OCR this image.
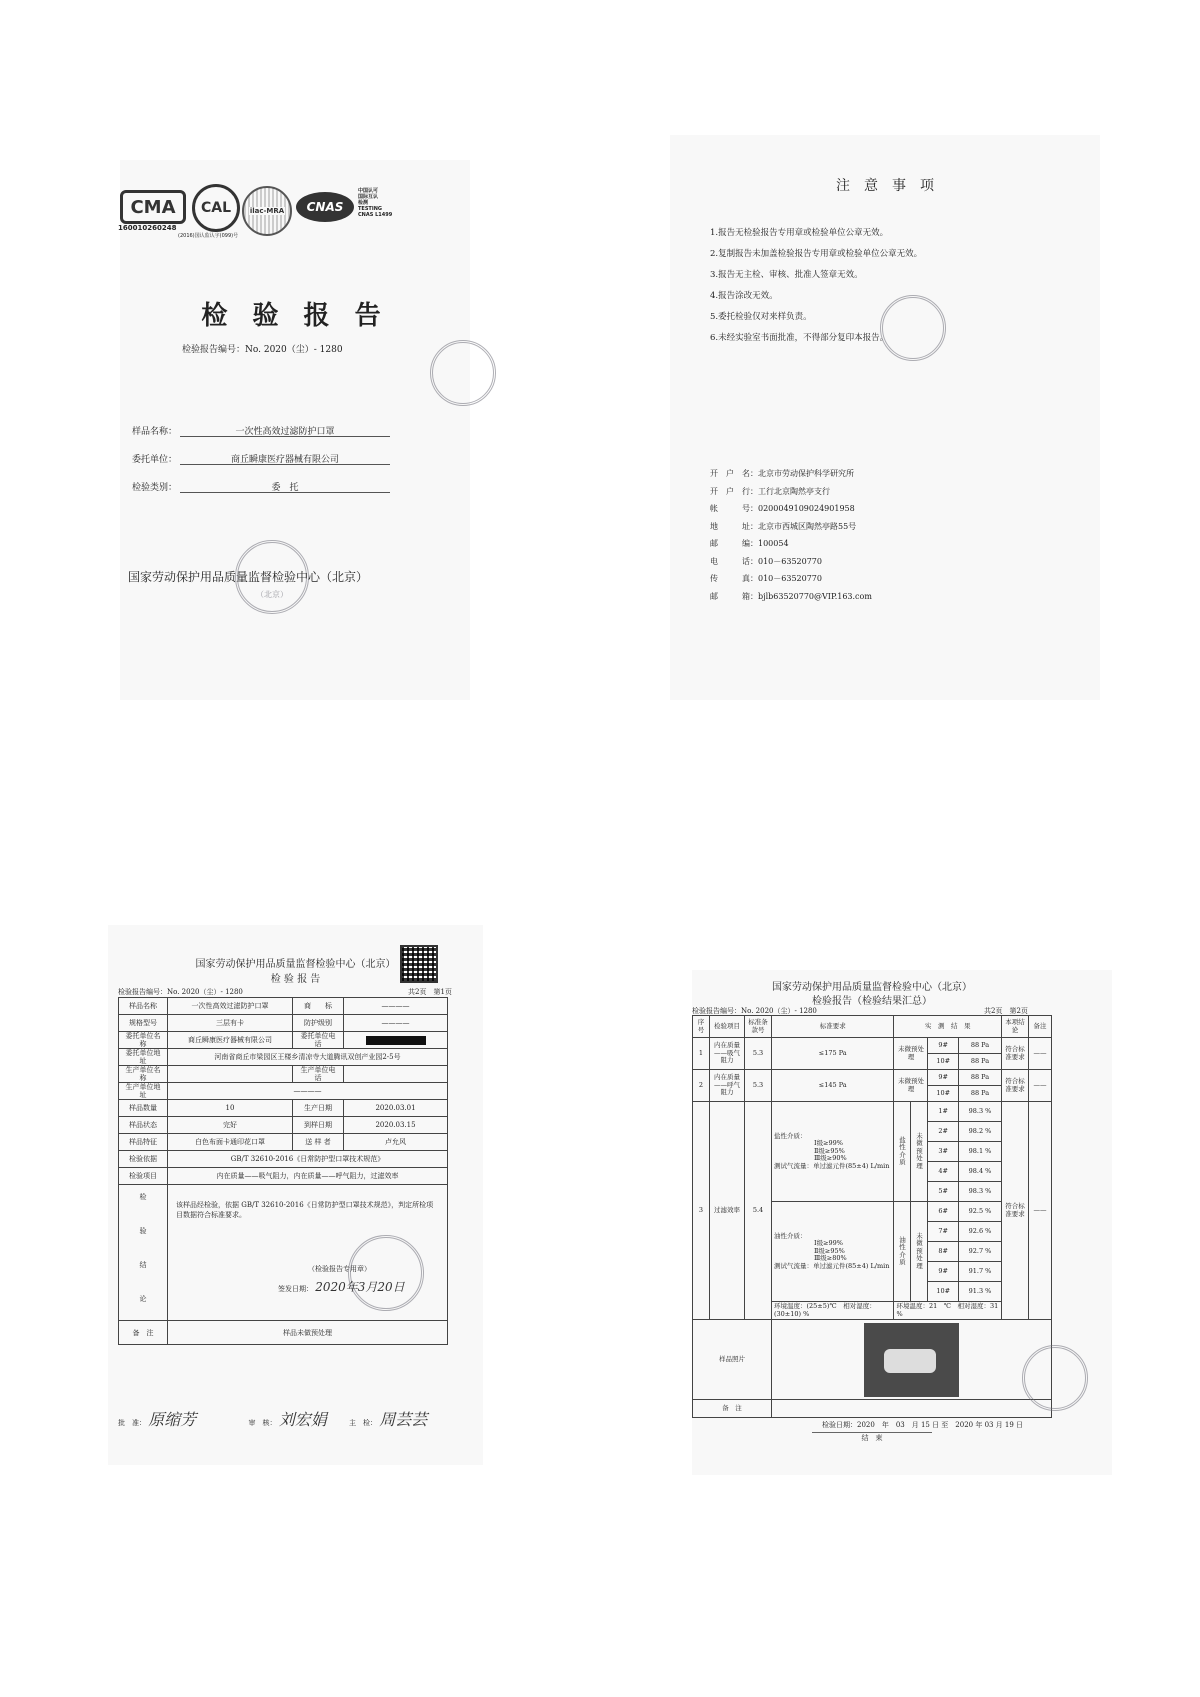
CMA
160010260248
CAL
(2016)国认监认字(099)号
ilac-MRA CNAS
中国认可
国际互认
检测
TESTING
CNAS L1499
检 验 报 告
检验报告编号：No. 2020（尘）- 1280
样品名称：	一次性高效过滤防护口罩
委托单位：	商丘瞬康医疗器械有限公司
检验类别：	委　托
（北京）
国家劳动保护用品质量监督检验中心（北京）
注　意　事　项
1.报告无检验报告专用章或检验单位公章无效。
2.复制报告未加盖检验报告专用章或检验单位公章无效。
3.报告无主检、审核、批准人签章无效。
4.报告涂改无效。
5.委托检验仅对来样负责。
6.未经实验室书面批准，不得部分复印本报告。
开　户　名：北京市劳动保护科学研究所
开　户　行：工行北京陶然亭支行
帐　　　号：0200049109024901958
地　　　址：北京市西城区陶然亭路55号
邮　　　编：100054
电　　　话：010－63520770
传　　　真：010－63520770
邮　　　箱：bjlb63520770@VIP.163.com
国家劳动保护用品质量监督检验中心（北京）
检 验 报 告
检验报告编号：No. 2020（尘）- 1280	共2页　第1页
样品名称	一次性高效过滤防护口罩	商　　标	————
规格型号	三层有卡	防护级别	————
委托单位名　　称	商丘瞬康医疗器械有限公司	委托单位电　　话	

委托单位地　　址	河南省商丘市梁园区王楼乡清凉寺大道腾讯双创产业园2-5号		
生产单位名　　称		生产单位电　　话	
生产单位地　　址	————		
样品数量	10	生产日期	2020.03.01
样品状态	完好	到样日期	2020.03.15
样品特征	白色布面卡通印花口罩	送 样 者	卢允风
检验依据	GB/T 32610-2016《日常防护型口罩技术规范》		
检验项目	内在质量——吸气阻力，内在质量——呼气阻力，过滤效率		
检　验　结　论	该样品经检验，依据 GB/T 32610-2016《日常防护型口罩技术规范》，判定所检项目数据符合标准要求。
（检验报告专用章）
签发日期： 2020年3月20日		

备　注	样品未做预处理		
批　准： 原缩芳	审　核： 刘宏娟	主　检： 周芸芸
国家劳动保护用品质量监督检验中心（北京）
检验报告（检验结果汇总）
检验报告编号：No. 2020（尘）- 1280	共2页　第2页
序号	检验项目	标准条款号	标准要求	实　测　结　果				本项结论	备注
1	内在质量——吸气阻力	5.3	≤175 Pa	未微预处理		9#	88 Pa	符合标准要求	——
						10#	88 Pa		
2	内在质量——呼气阻力	5.3	≤145 Pa	未微预处理		9#	88 Pa	符合标准要求	——
						10#	88 Pa		
3	过滤效率	5.4	盐性介质：
Ⅰ级≥99%
Ⅱ级≥95%
Ⅲ级≥90%
测试气流量：单过滤元件(85±4) L/min	盐性介质	未微预处理	1#	98.3 %	符合标准要求	——
						2#	98.2 %		
						3#	98.1 %		
						4#	98.4 %		
						5#	98.3 %		

			油性介质：
Ⅰ级≥99%
Ⅱ级≥95%
Ⅲ级≥80%
测试气流量：单过滤元件(85±4) L/min	油性介质	未微预处理	6#	92.5 %		
						7#	92.6 %		
						8#	92.7 %		
						9#	91.7 %		
						10#	91.3 %		
			环境温度：(25±5)℃　相对湿度：(30±10) %	环境温度：21　℃　相对湿度：31　%					
样品照片									

备　注									
检验日期：2020　年　03　月 15 日 至　2020 年 03 月 19 日
结　束
